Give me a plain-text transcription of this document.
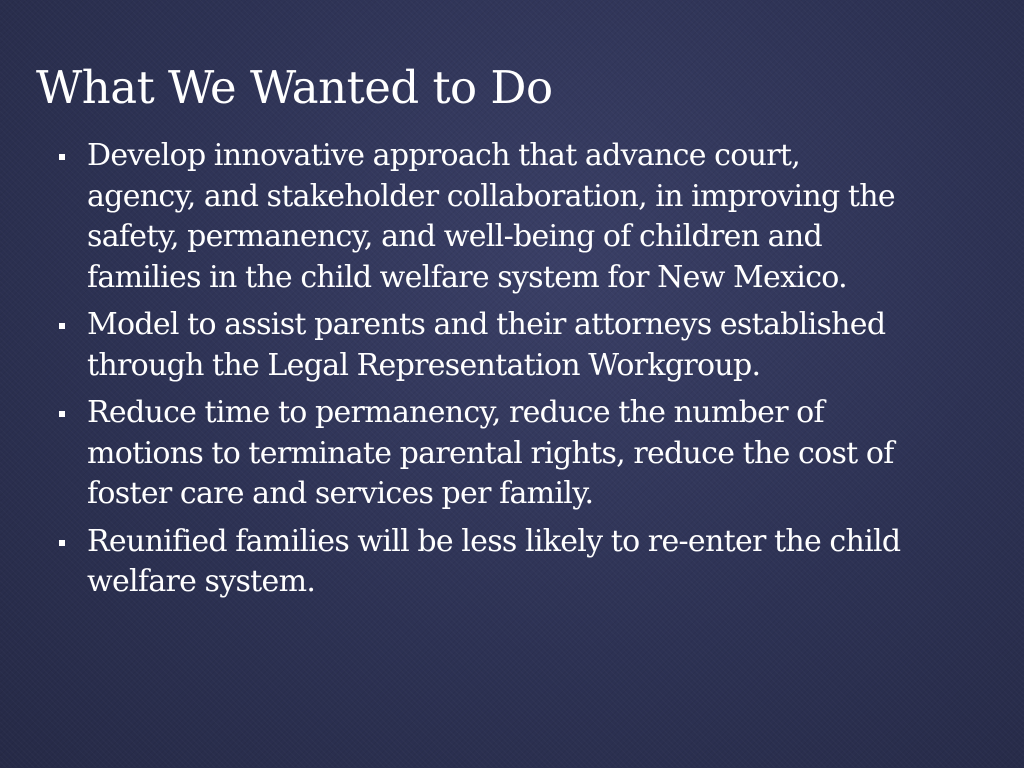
What We Wanted to Do
Develop innovative approach that advance court,
agency, and stakeholder collaboration, in improving the
safety, permanency, and well-being of children and
families in the child welfare system for New Mexico.
Model to assist parents and their attorneys established
through the Legal Representation Workgroup.
Reduce time to permanency, reduce the number of
motions to terminate parental rights, reduce the cost of
foster care and services per family.
Reunified families will be less likely to re-enter the child
welfare system.
